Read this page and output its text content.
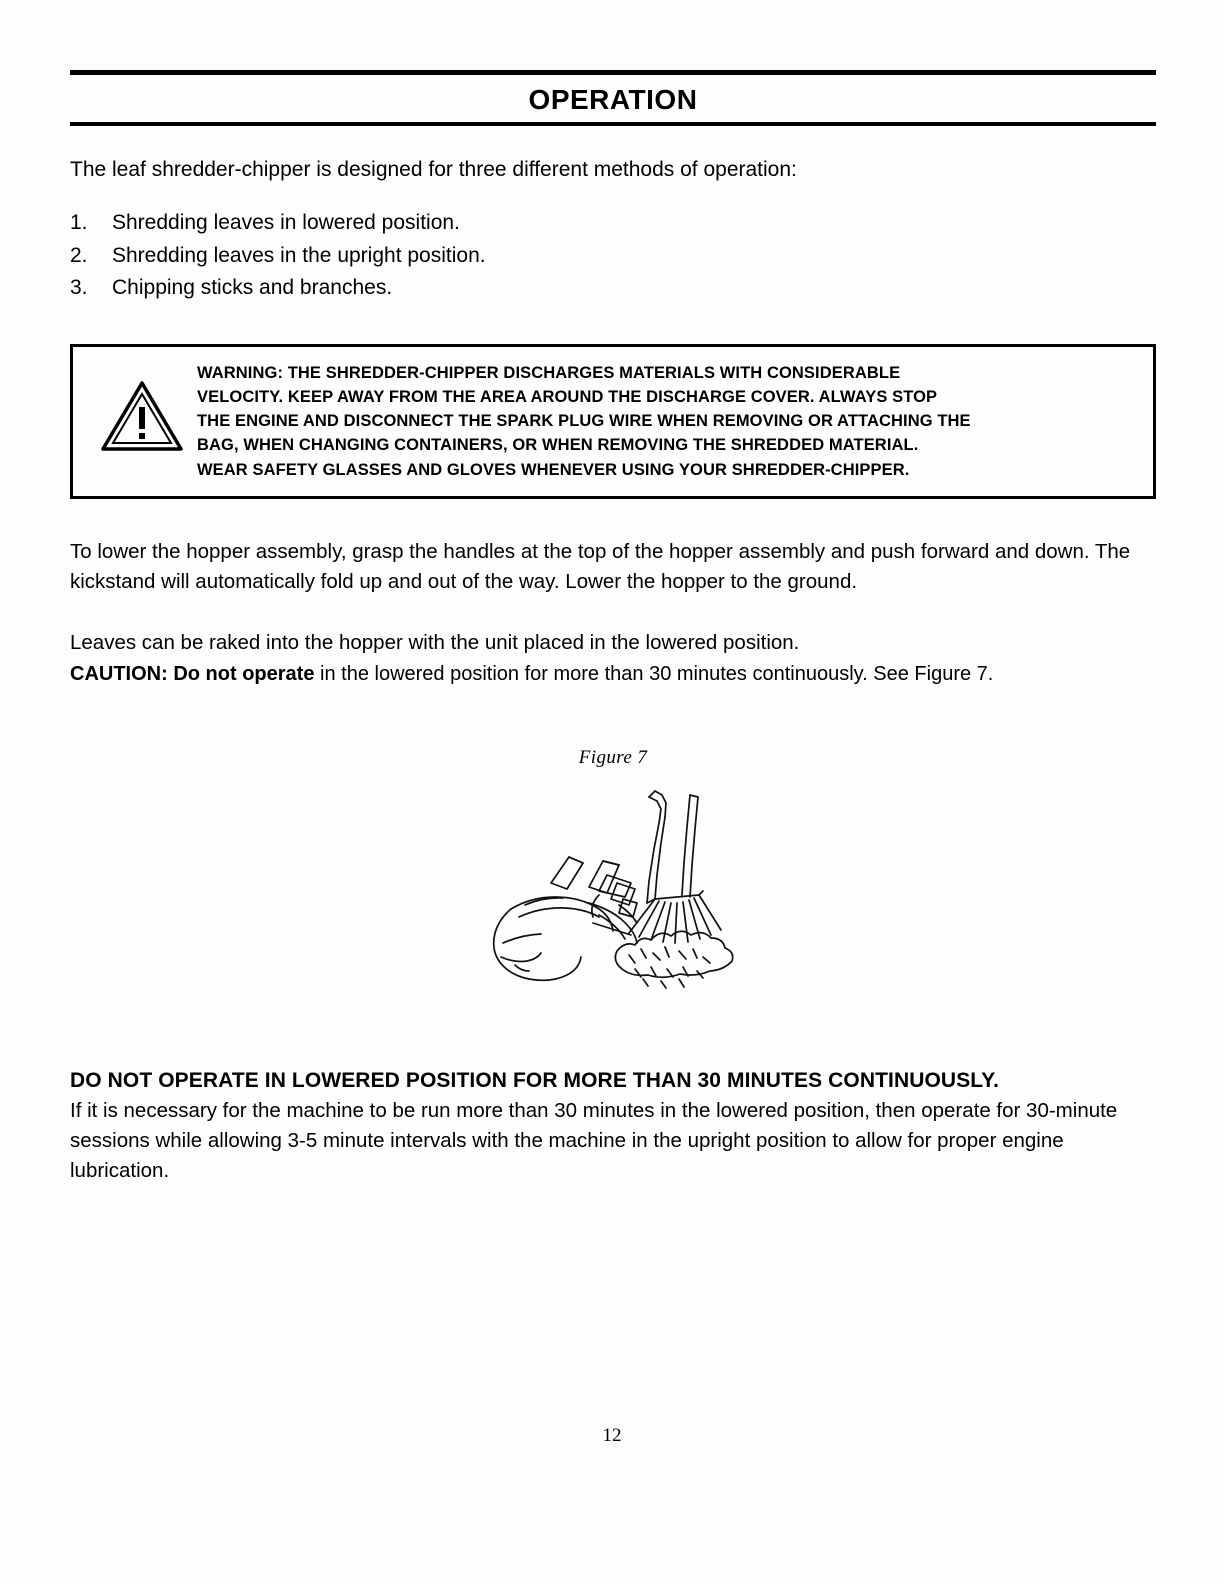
OPERATION
The leaf shredder-chipper is designed for three different methods of operation:
1.	Shredding leaves in lowered position.
2.	Shredding leaves in the upright position.
3.	Chipping sticks and branches.
WARNING: THE SHREDDER-CHIPPER DISCHARGES MATERIALS WITH CONSIDERABLE
VELOCITY. KEEP AWAY FROM THE AREA AROUND THE DISCHARGE COVER. ALWAYS STOP
THE ENGINE AND DISCONNECT THE SPARK PLUG WIRE WHEN REMOVING OR ATTACHING THE
BAG, WHEN CHANGING CONTAINERS, OR WHEN REMOVING THE SHREDDED MATERIAL.
WEAR SAFETY GLASSES AND GLOVES WHENEVER USING YOUR SHREDDER-CHIPPER.
To lower the hopper assembly, grasp the handles at the top of the hopper assembly and push forward and down. The kickstand will automatically fold up and out of the way. Lower the hopper to the ground.
Leaves can be raked into the hopper with the unit placed in the lowered position.
CAUTION: Do not operate in the lowered position for more than 30 minutes continuously. See Figure 7.
Figure 7
DO NOT OPERATE IN LOWERED POSITION FOR MORE THAN 30 MINUTES CONTINUOUSLY.
If it is necessary for the machine to be run more than 30 minutes in the lowered position, then operate for 30-minute sessions while allowing 3-5 minute intervals with the machine in the upright position to allow for proper engine lubrication.
12
